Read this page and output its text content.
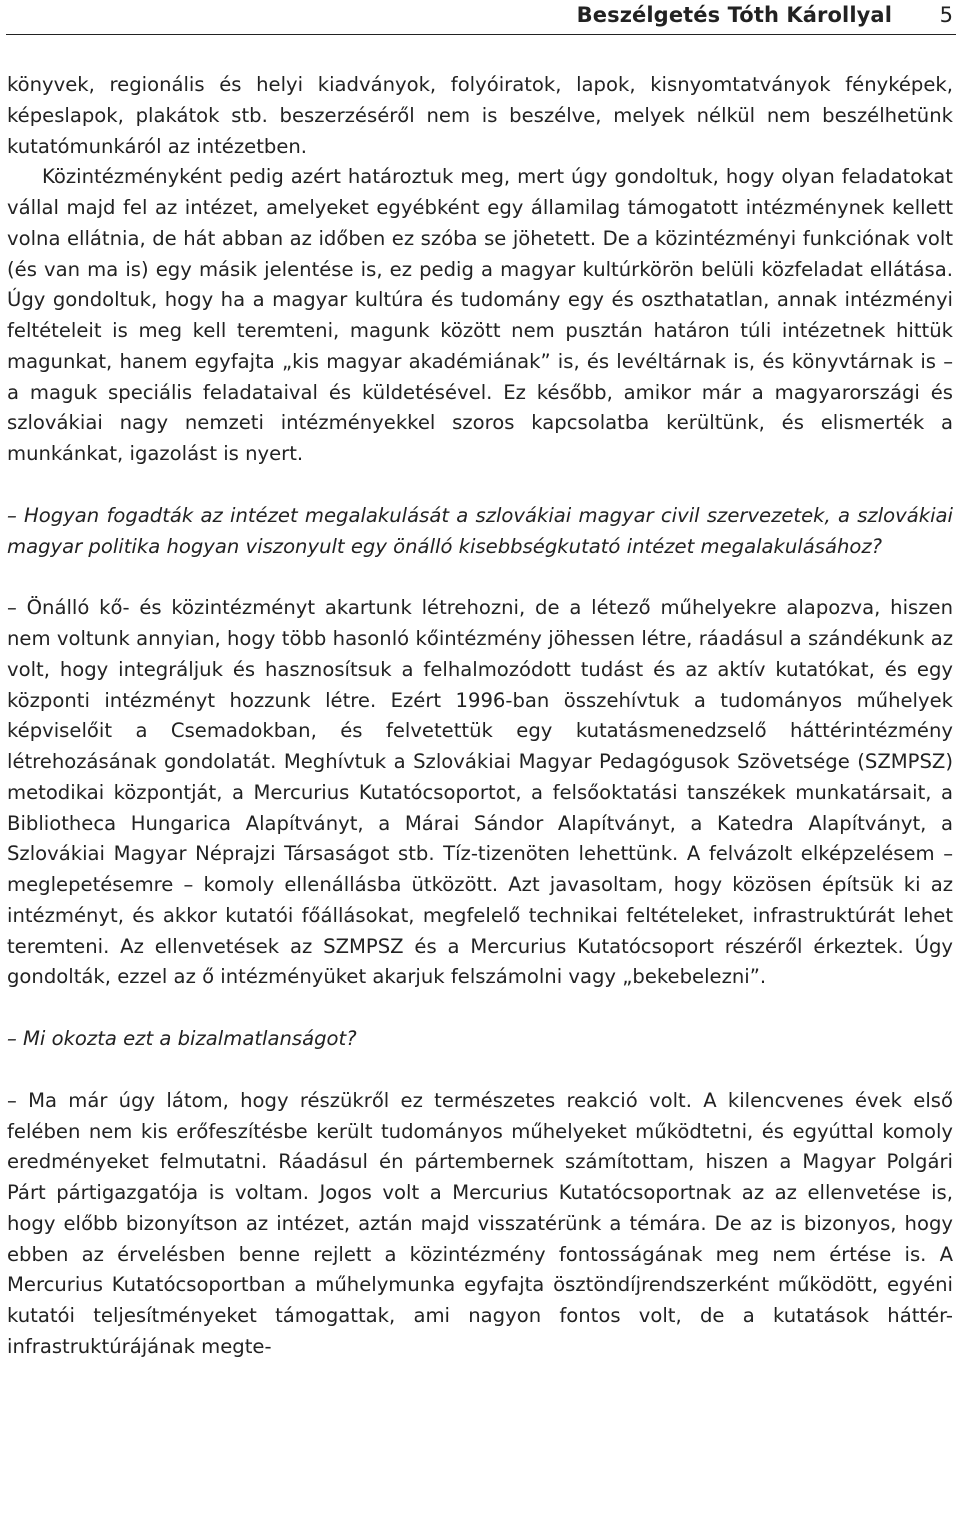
Beszélgetés Tóth Károllyal 5

könyvek, regionális és helyi kiadványok, folyóiratok, lapok, kisnyomtatványok fényképek, képeslapok, plakátok stb. beszerzéséről nem is beszélve, melyek nélkül nem beszélhetünk kutatómunkáról az intézetben.

Közintézményként pedig azért határoztuk meg, mert úgy gondoltuk, hogy olyan feladatokat vállal majd fel az intézet, amelyeket egyébként egy államilag támogatott intézménynek kellett volna ellátnia, de hát abban az időben ez szóba se jöhetett. De a közintézményi funkciónak volt (és van ma is) egy másik jelentése is, ez pedig a magyar kultúrkörön belüli közfeladat ellátása. Úgy gondoltuk, hogy ha a magyar kultúra és tudomány egy és oszthatatlan, annak intézményi feltételeit is meg kell teremteni, magunk között nem pusztán határon túli intézetnek hittük magunkat, hanem egyfajta „kis magyar akadémiának” is, és levéltárnak is, és könyvtárnak is – a maguk speciális feladataival és küldetésével. Ez később, amikor már a magyarországi és szlovákiai nagy nemzeti intézményekkel szoros kapcsolatba kerültünk, és elismerték a munkánkat, igazolást is nyert.

– Hogyan fogadták az intézet megalakulását a szlovákiai magyar civil szervezetek, a szlovákiai magyar politika hogyan viszonyult egy önálló kisebbségkutató intézet megalakulásához?

– Önálló kő- és közintézményt akartunk létrehozni, de a létező műhelyekre alapozva, hiszen nem voltunk annyian, hogy több hasonló kőintézmény jöhessen létre, ráadásul a szándékunk az volt, hogy integráljuk és hasznosítsuk a felhalmozódott tudást és az aktív kutatókat, és egy központi intézményt hozzunk létre. Ezért 1996-ban összehívtuk a tudományos műhelyek képviselőit a Csemadokban, és felvetettük egy kutatásmenedzselő háttérintézmény létrehozásának gondolatát. Meghívtuk a Szlovákiai Magyar Pedagógusok Szövetsége (SZMPSZ) metodikai központját, a Mercurius Kutatócsoportot, a felsőoktatási tanszékek munkatársait, a Bibliotheca Hungarica Alapítványt, a Márai Sándor Alapítványt, a Katedra Alapítványt, a Szlovákiai Magyar Néprajzi Társaságot stb. Tíz-tizenöten lehettünk. A felvázolt elképzelésem – meglepetésemre – komoly ellenállásba ütközött. Azt javasoltam, hogy közösen építsük ki az intézményt, és akkor kutatói főállásokat, megfelelő technikai feltételeket, infrastruktúrát lehet teremteni. Az ellenvetések az SZMPSZ és a Mercurius Kutatócsoport részéről érkeztek. Úgy gondolták, ezzel az ő intézményüket akarjuk felszámolni vagy „bekebelezni”.

– Mi okozta ezt a bizalmatlanságot?

– Ma már úgy látom, hogy részükről ez természetes reakció volt. A kilencvenes évek első felében nem kis erőfeszítésbe került tudományos műhelyeket működtetni, és egyúttal komoly eredményeket felmutatni. Ráadásul én pártembernek számítottam, hiszen a Magyar Polgári Párt pártigazgatója is voltam. Jogos volt a Mercurius Kutatócsoportnak az az ellenvetése is, hogy előbb bizonyítson az intézet, aztán majd visszatérünk a témára. De az is bizonyos, hogy ebben az érvelésben benne rejlett a közintézmény fontosságának meg nem értése is. A Mercurius Kutatócsoportban a műhelymunka egyfajta ösztöndíjrendszerként működött, egyéni kutatói teljesítményeket támogattak, ami nagyon fontos volt, de a kutatások háttér-infrastruktúrájának megte-
